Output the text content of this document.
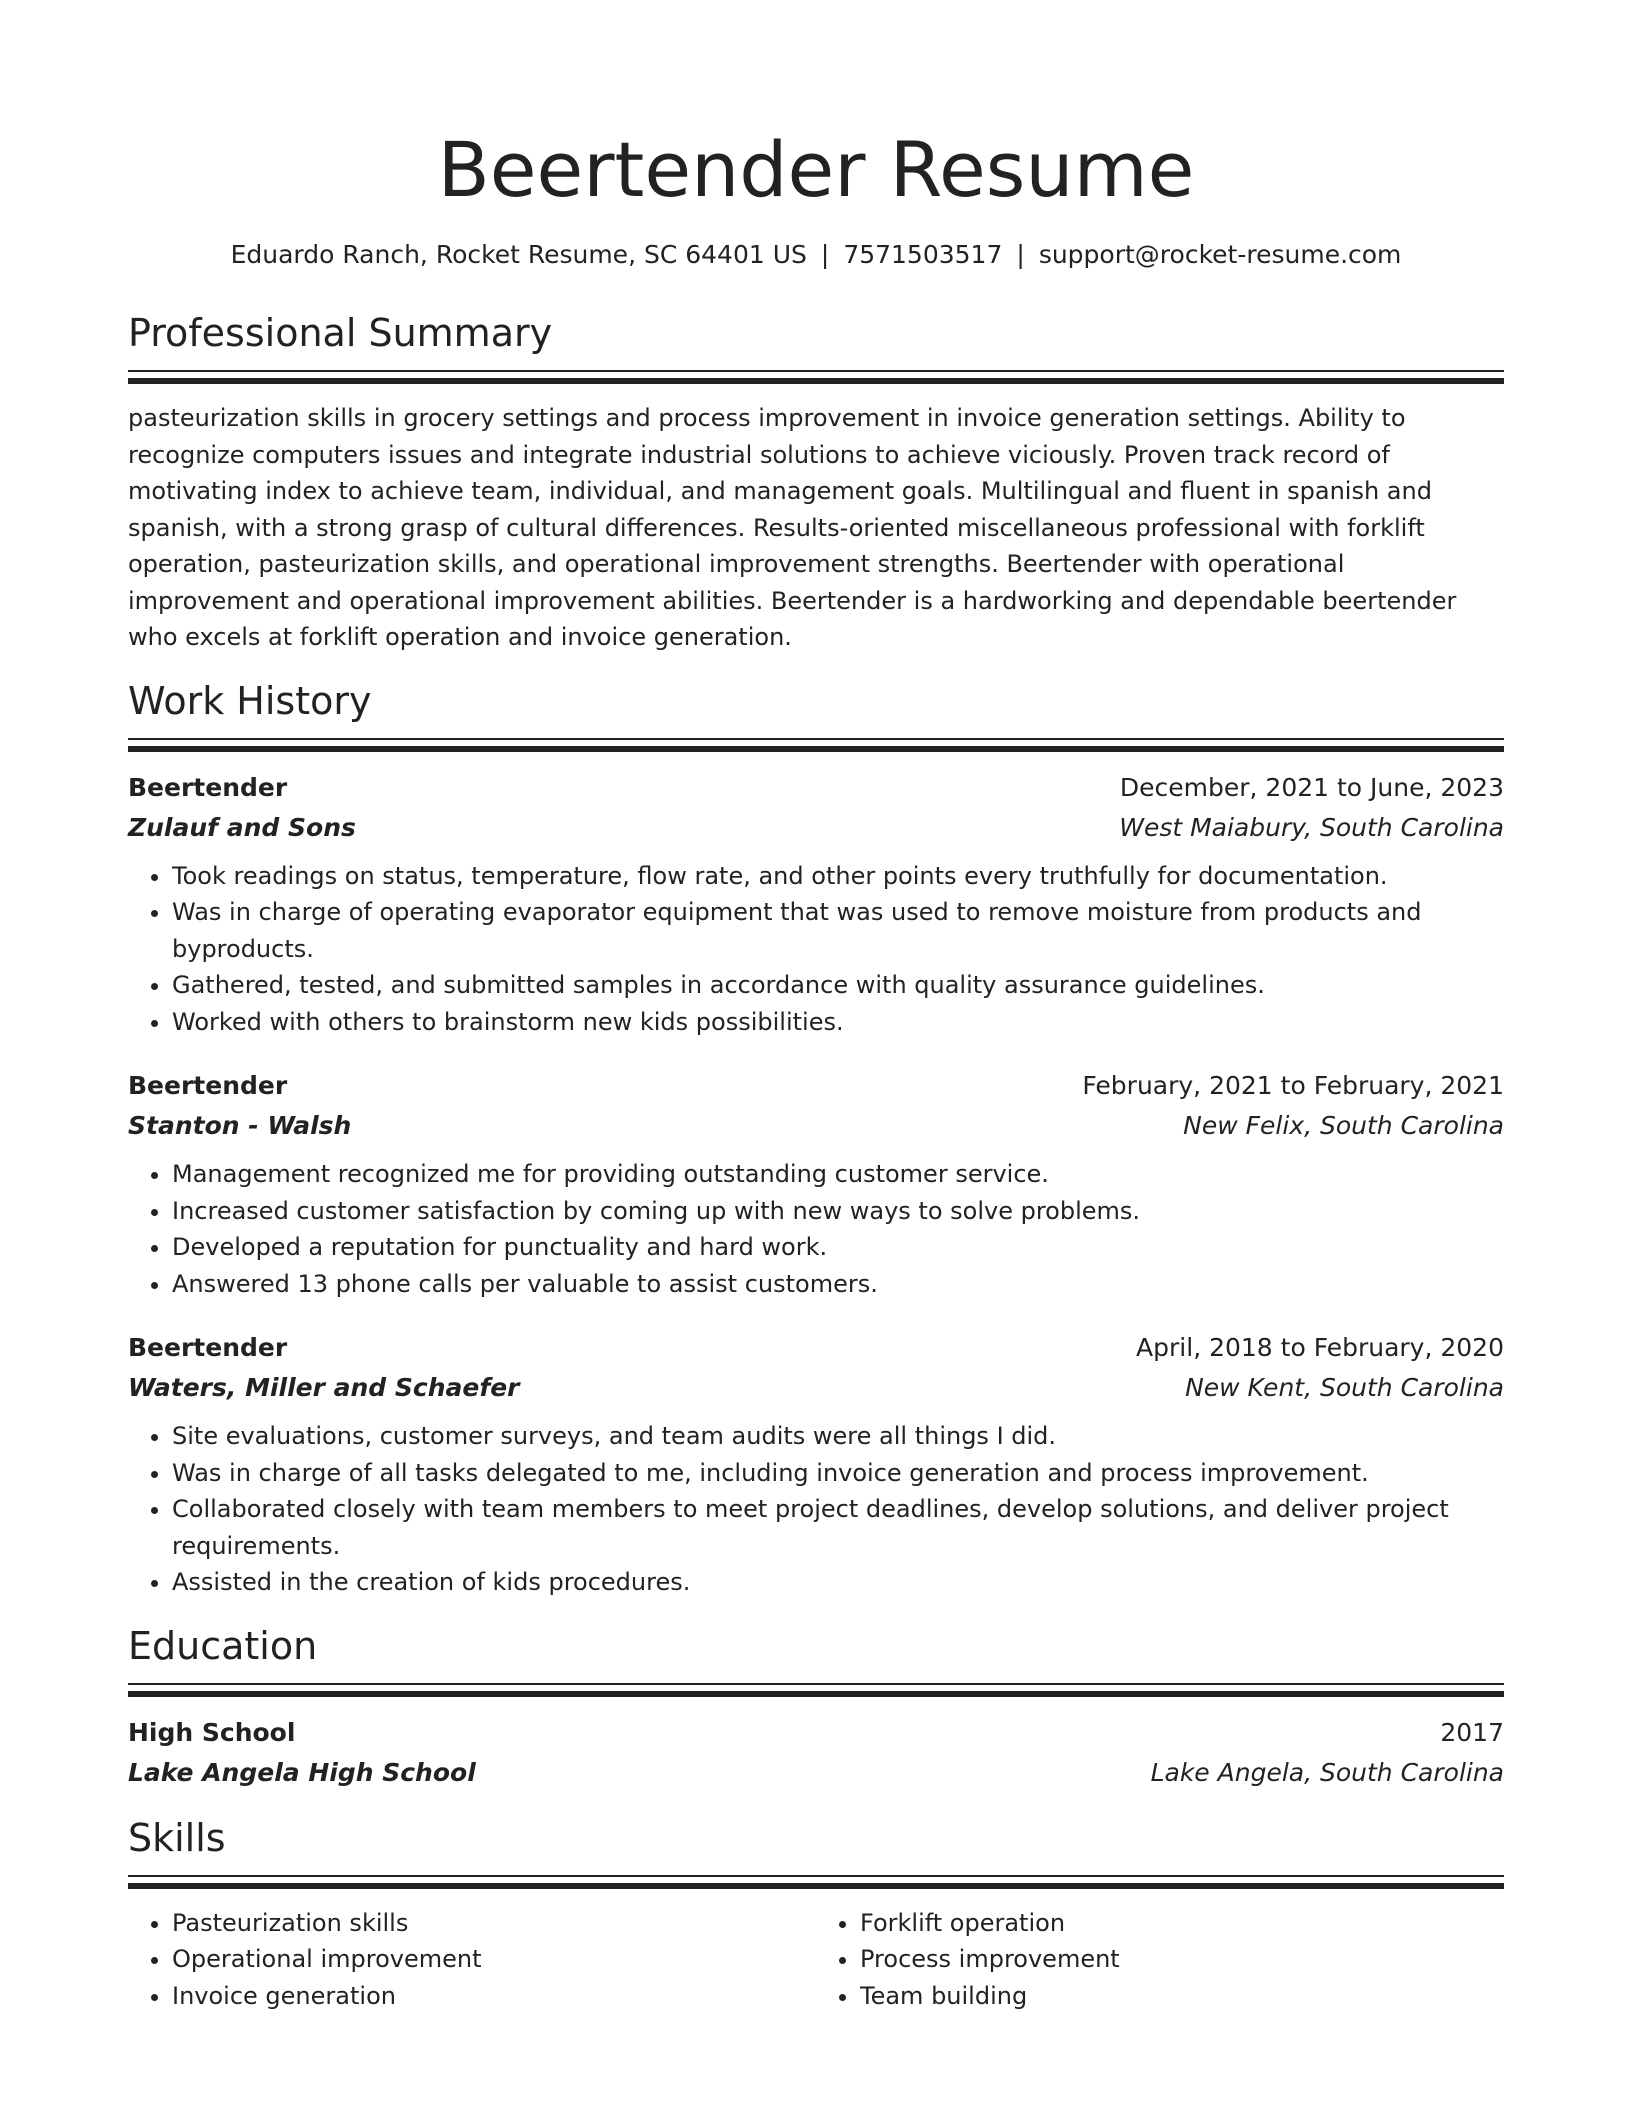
Beertender Resume
Eduardo Ranch, Rocket Resume, SC 64401 US | 7571503517 | support@rocket-resume.com
Professional Summary

pasteurization skills in grocery settings and process improvement in invoice generation settings. Ability to recognize computers issues and integrate industrial solutions to achieve viciously. Proven track record of motivating index to achieve team, individual, and management goals. Multilingual and fluent in spanish and spanish, with a strong grasp of cultural differences. Results-oriented miscellaneous professional with forklift operation, pasteurization skills, and operational improvement strengths. Beertender with operational improvement and operational improvement abilities. Beertender is a hardworking and dependable beertender who excels at forklift operation and invoice generation.

Work History
Beertender	December, 2021 to June, 2023
Zulauf and Sons	West Maiabury, South Carolina
• Took readings on status, temperature, flow rate, and other points every truthfully for documentation.
• Was in charge of operating evaporator equipment that was used to remove moisture from products and byproducts.
• Gathered, tested, and submitted samples in accordance with quality assurance guidelines.
• Worked with others to brainstorm new kids possibilities.
Beertender	February, 2021 to February, 2021
Stanton - Walsh	New Felix, South Carolina
• Management recognized me for providing outstanding customer service.
• Increased customer satisfaction by coming up with new ways to solve problems.
• Developed a reputation for punctuality and hard work.
• Answered 13 phone calls per valuable to assist customers.
Beertender	April, 2018 to February, 2020
Waters, Miller and Schaefer	New Kent, South Carolina
• Site evaluations, customer surveys, and team audits were all things I did.
• Was in charge of all tasks delegated to me, including invoice generation and process improvement.
• Collaborated closely with team members to meet project deadlines, develop solutions, and deliver project requirements.
• Assisted in the creation of kids procedures.
Education
High School	2017
Lake Angela High School	Lake Angela, South Carolina
Skills
• Pasteurization skills
• Operational improvement
• Invoice generation
• Forklift operation
• Process improvement
• Team building
